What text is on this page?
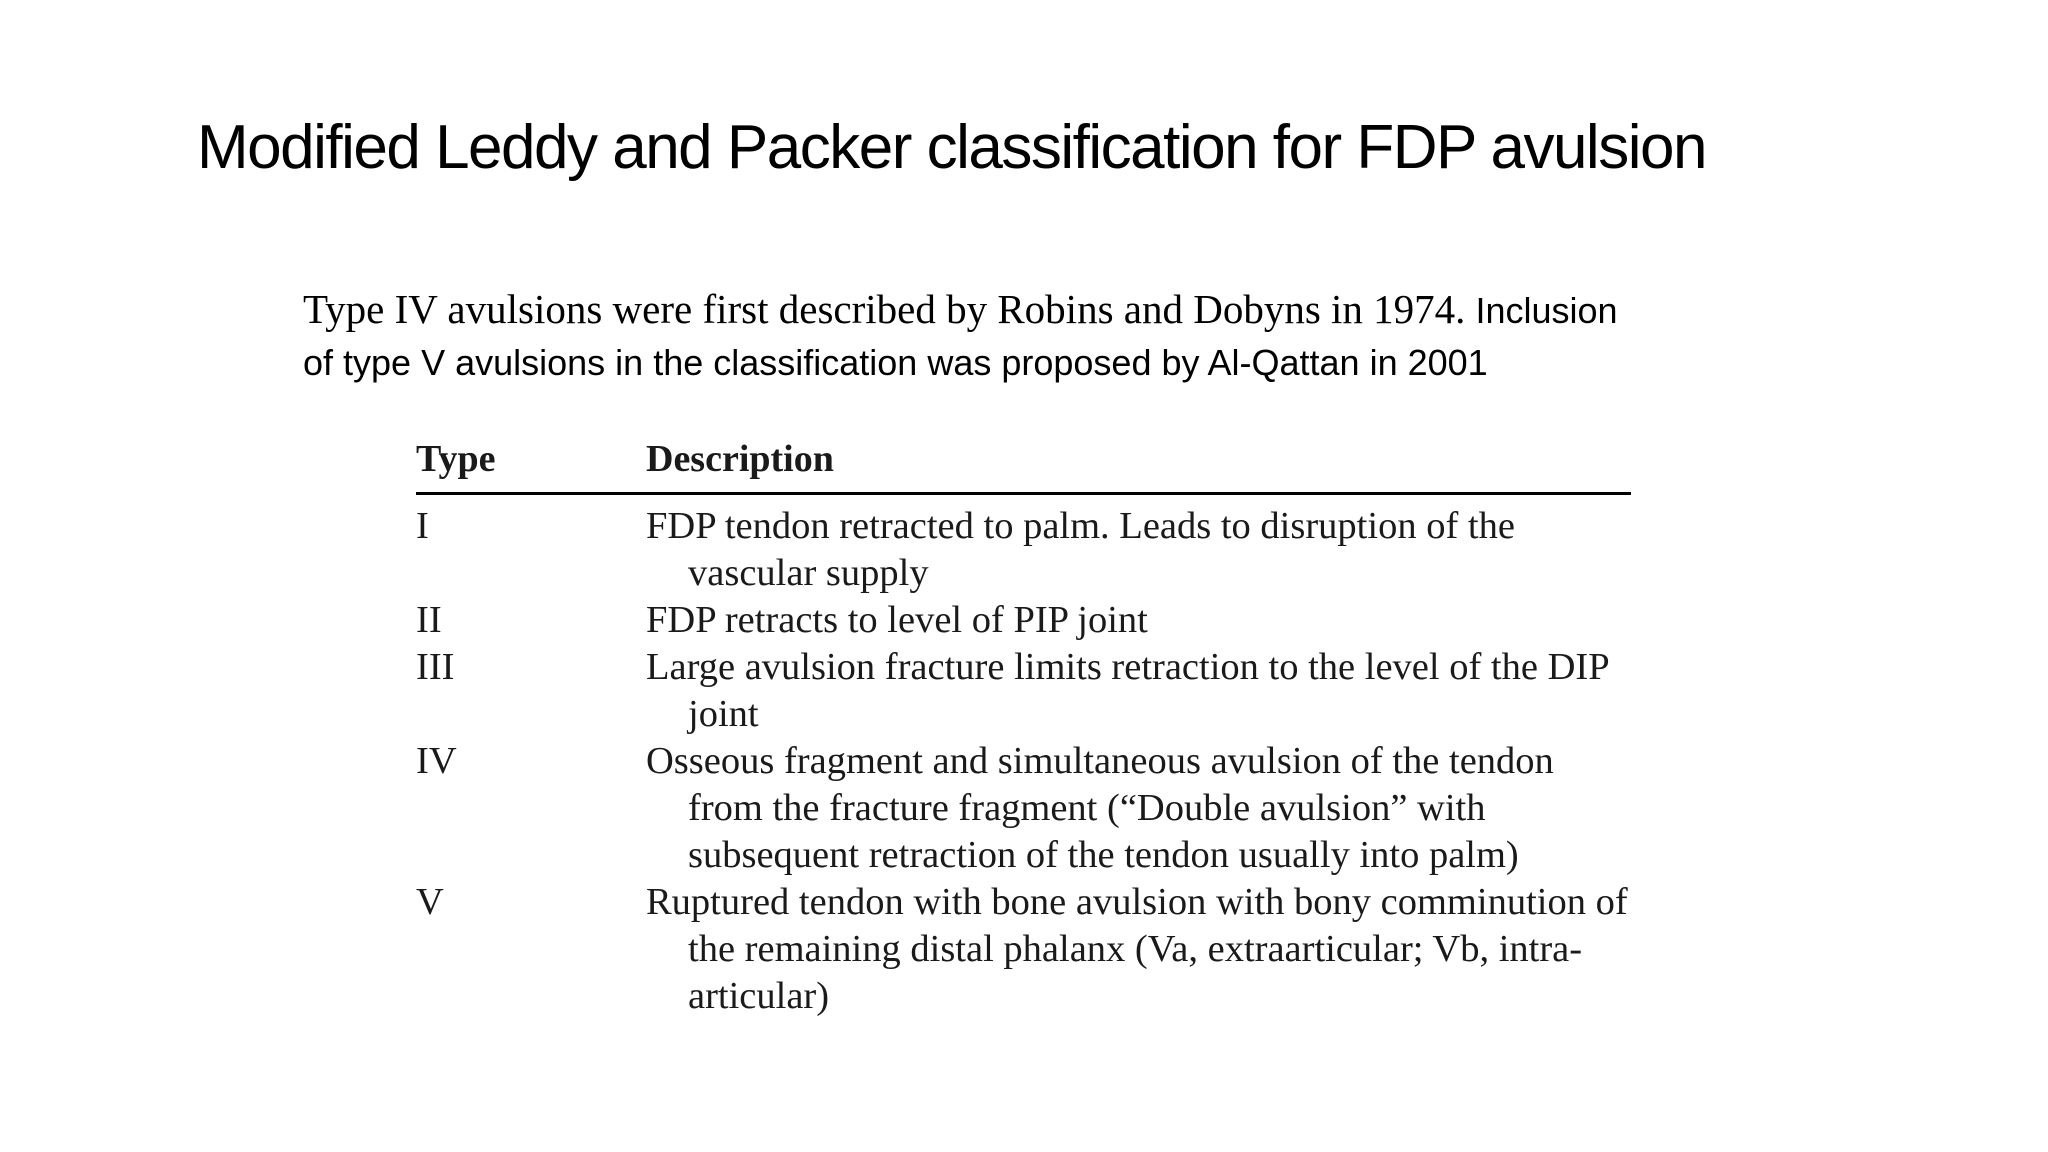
Modified Leddy and Packer classification for FDP avulsion
Type IV avulsions were first described by Robins and Dobyns in 1974. Inclusion
of type V avulsions in the classification was proposed by Al-Qattan in 2001
Type	Description
I	FDP tendon retracted to palm. Leads to disruption of the vascular supply
II	FDP retracts to level of PIP joint
III	Large avulsion fracture limits retraction to the level of the DIP joint
IV	Osseous fragment and simultaneous avulsion of the tendon from the fracture fragment (“Double avulsion” with subsequent retraction of the tendon usually into palm)
V	Ruptured tendon with bone avulsion with bony comminution of the remaining distal phalanx (Va, extraarticular; Vb, intra-articular)
